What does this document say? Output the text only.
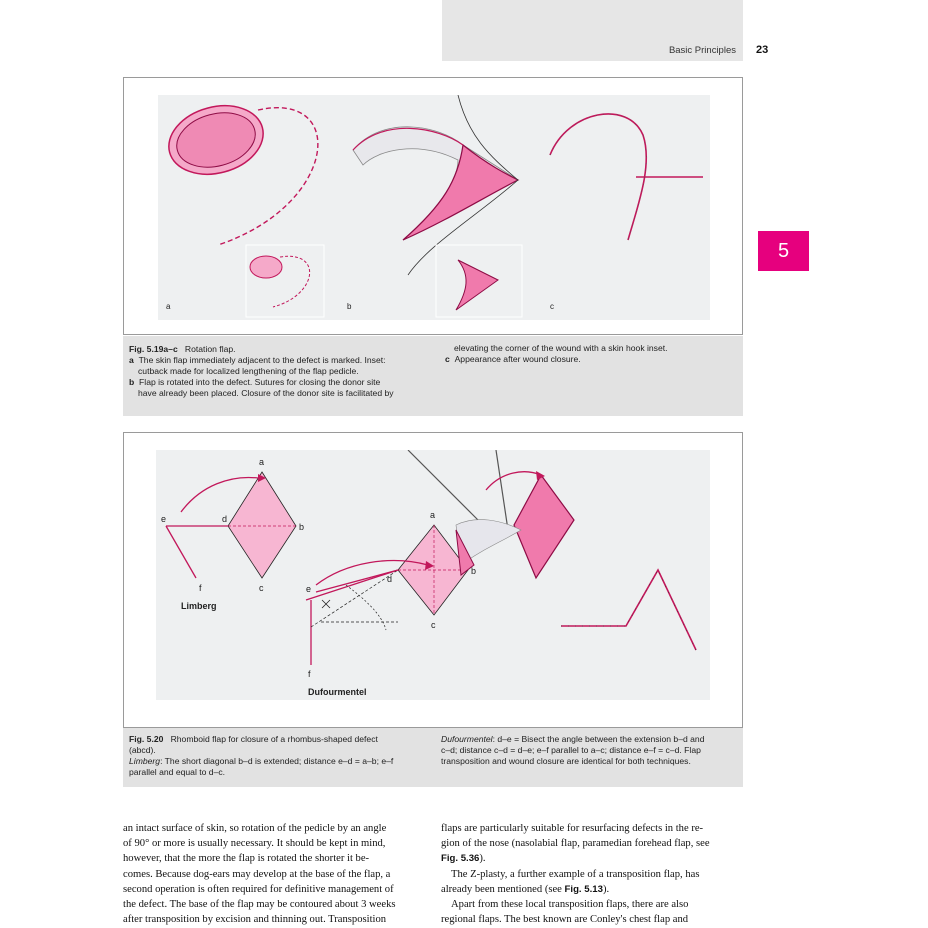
Basic Principles 23
5
a	b	c
Fig. 5.19a–c Rotation flap.
a The skin flap immediately adjacent to the defect is marked. Inset:
cutback made for localized lengthening of the flap pedicle.
b Flap is rotated into the defect. Sutures for closing the donor site
have already been placed. Closure of the donor site is facilitated by
elevating the corner of the wound with a skin hook inset.
c Appearance after wound closure.
a
b
c
d
e
f
Limberg
a
b
c
d
e
f
Dufourmentel
Fig. 5.20 Rhomboid flap for closure of a rhombus-shaped defect
(abcd).
Limberg: The short diagonal b–d is extended; distance e–d = a–b; e–f
parallel and equal to d–c.
Dufourmentel: d–e = Bisect the angle between the extension b–d and
c–d; distance c–d = d–e; e–f parallel to a–c; distance e–f = c–d. Flap
transposition and wound closure are identical for both techniques.

an intact surface of skin, so rotation of the pedicle by an angle

of 90° or more is usually necessary. It should be kept in mind,

however, that the more the flap is rotated the shorter it be-

comes. Because dog-ears may develop at the base of the flap, a

second operation is often required for definitive management of

the defect. The base of the flap may be contoured about 3 weeks

after transposition by excision and thinning out. Transposition

flaps are particularly suitable for resurfacing defects in the re-

gion of the nose (nasolabial flap, paramedian forehead flap, see

Fig. 5.36).

The Z-plasty, a further example of a transposition flap, has

already been mentioned (see Fig. 5.13).

Apart from these local transposition flaps, there are also

regional flaps. The best known are Conley's chest flap and
